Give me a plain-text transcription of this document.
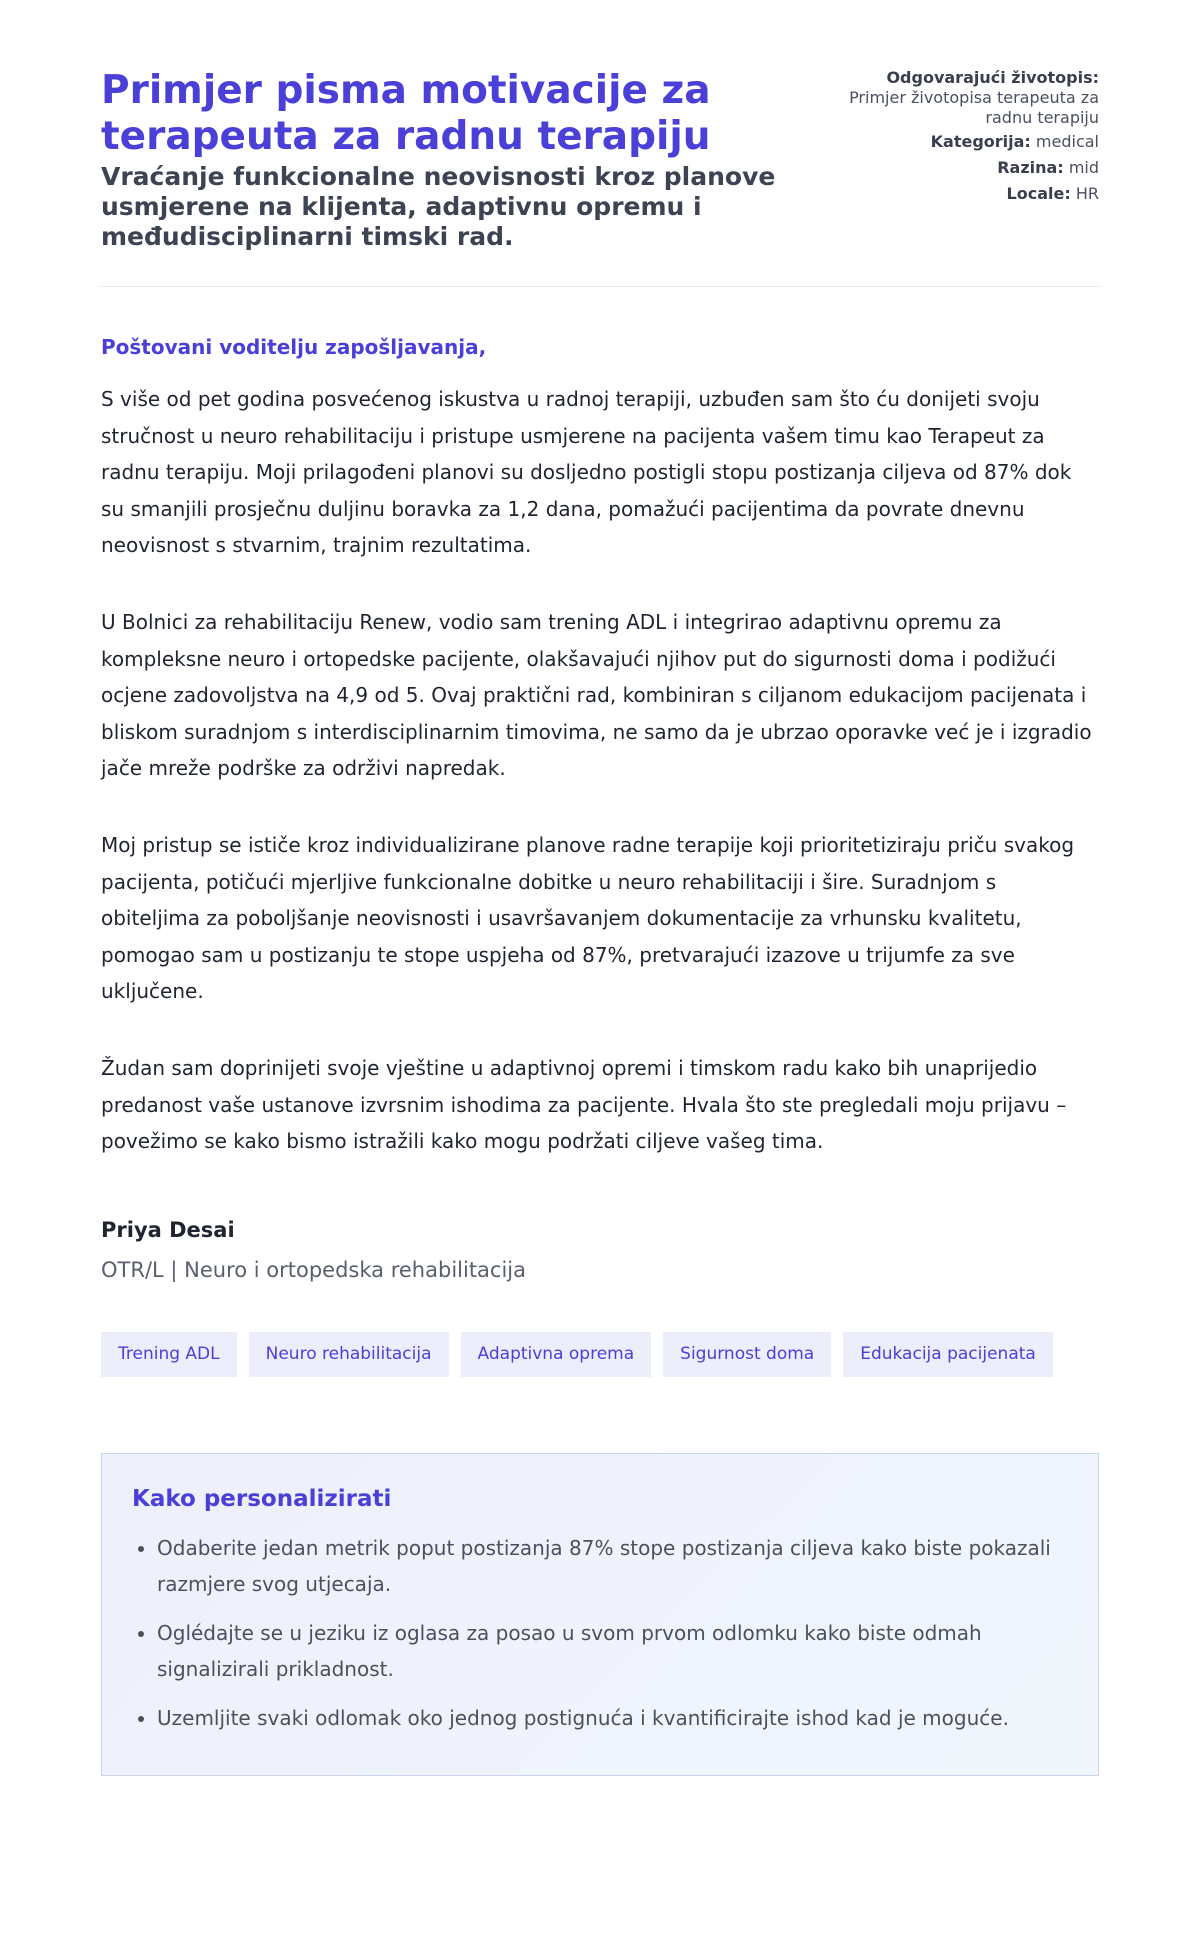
Primjer pisma motivacije za terapeuta za radnu terapiju

Vraćanje funkcionalne neovisnosti kroz planove usmjerene na klijenta, adaptivnu opremu i međudisciplinarni timski rad.

Odgovarajući životopis:
Primjer životopisa terapeuta za radnu terapiju
Kategorija: medical
Razina: mid
Locale: HR

Poštovani voditelju zapošljavanja,

S više od pet godina posvećenog iskustva u radnoj terapiji, uzbuđen sam što ću donijeti svoju stručnost u neuro rehabilitaciju i pristupe usmjerene na pacijenta vašem timu kao Terapeut za radnu terapiju. Moji prilagođeni planovi su dosljedno postigli stopu postizanja ciljeva od 87% dok su smanjili prosječnu duljinu boravka za 1,2 dana, pomažući pacijentima da povrate dnevnu neovisnost s stvarnim, trajnim rezultatima.

U Bolnici za rehabilitaciju Renew, vodio sam trening ADL i integrirao adaptivnu opremu za kompleksne neuro i ortopedske pacijente, olakšavajući njihov put do sigurnosti doma i podižući ocjene zadovoljstva na 4,9 od 5. Ovaj praktični rad, kombiniran s ciljanom edukacijom pacijenata i bliskom suradnjom s interdisciplinarnim timovima, ne samo da je ubrzao oporavke već je i izgradio jače mreže podrške za održivi napredak.

Moj pristup se ističe kroz individualizirane planove radne terapije koji prioritetiziraju priču svakog pacijenta, potičući mjerljive funkcionalne dobitke u neuro rehabilitaciji i šire. Suradnjom s obiteljima za poboljšanje neovisnosti i usavršavanjem dokumentacije za vrhunsku kvalitetu, pomogao sam u postizanju te stope uspjeha od 87%, pretvarajući izazove u trijumfe za sve uključene.

Žudan sam doprinijeti svoje vještine u adaptivnoj opremi i timskom radu kako bih unaprijedio predanost vaše ustanove izvrsnim ishodima za pacijente. Hvala što ste pregledali moju prijavu – povežimo se kako bismo istražili kako mogu podržati ciljeve vašeg tima.

Priya Desai
OTR/L | Neuro i ortopedska rehabilitacija
Trening ADL	Neuro rehabilitacija	Adaptivna oprema	Sigurnost doma	Edukacija pacijenata
Kako personalizirati
• Odaberite jedan metrik poput postizanja 87% stope postizanja ciljeva kako biste pokazali razmjere svog utjecaja.
• Oglédajte se u jeziku iz oglasa za posao u svom prvom odlomku kako biste odmah signalizirali prikladnost.
• Uzemljite svaki odlomak oko jednog postignuća i kvantificirajte ishod kad je moguće.
